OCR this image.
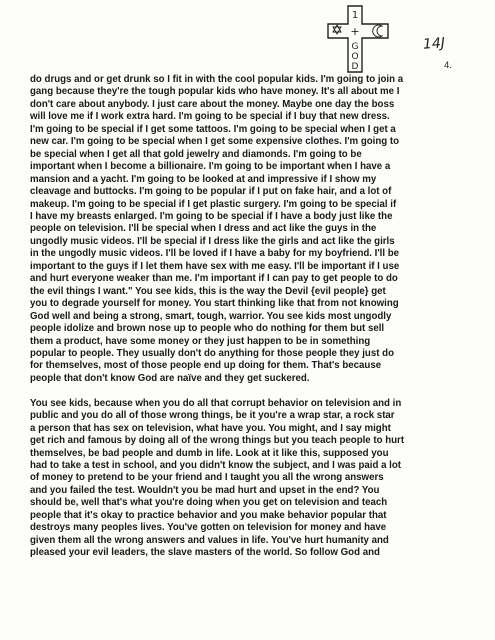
1
+
G
O
D
14J
4.

do drugs and or get drunk so I fit in with the cool popular kids. I'm going to join a
gang because they're the tough popular kids who have money. It's all about me I
don't care about anybody. I just care about the money. Maybe one day the boss
will love me if I work extra hard. I'm going to be special if I buy that new dress.
I'm going to be special if I get some tattoos. I'm going to be special when I get a
new car. I'm going to be special when I get some expensive clothes. I'm going to
be special when I get all that gold jewelry and diamonds. I'm going to be
important when I become a billionaire. I'm going to be important when I have a
mansion and a yacht. I'm going to be looked at and impressive if I show my
cleavage and buttocks. I'm going to be popular if I put on fake hair, and a lot of
makeup. I'm going to be special if I get plastic surgery. I'm going to be special if
I have my breasts enlarged. I'm going to be special if I have a body just like the
people on television. I'll be special when I dress and act like the guys in the
ungodly music videos. I'll be special if I dress like the girls and act like the girls
in the ungodly music videos. I'll be loved if I have a baby for my boyfriend. I'll be
important to the guys if I let them have sex with me easy. I'll be important if I use
and hurt everyone weaker than me. I'm important if I can pay to get people to do
the evil things I want." You see kids, this is the way the Devil {evil people} get
you to degrade yourself for money. You start thinking like that from not knowing
God well and being a strong, smart, tough, warrior. You see kids most ungodly
people idolize and brown nose up to people who do nothing for them but sell
them a product, have some money or they just happen to be in something
popular to people. They usually don't do anything for those people they just do
for themselves, most of those people end up doing for them. That's because
people that don't know God are naïve and they get suckered.

You see kids, because when you do all that corrupt behavior on television and in
public and you do all of those wrong things, be it you're a wrap star, a rock star
a person that has sex on television, what have you. You might, and I say might
get rich and famous by doing all of the wrong things but you teach people to hurt
themselves, be bad people and dumb in life. Look at it like this, supposed you
had to take a test in school, and you didn't know the subject, and I was paid a lot
of money to pretend to be your friend and I taught you all the wrong answers
and you failed the test. Wouldn't you be mad hurt and upset in the end? You
should be, well that's what you're doing when you get on television and teach
people that it's okay to practice behavior and you make behavior popular that
destroys many peoples lives. You've gotten on television for money and have
given them all the wrong answers and values in life. You've hurt humanity and
pleased your evil leaders, the slave masters of the world. So follow God and
